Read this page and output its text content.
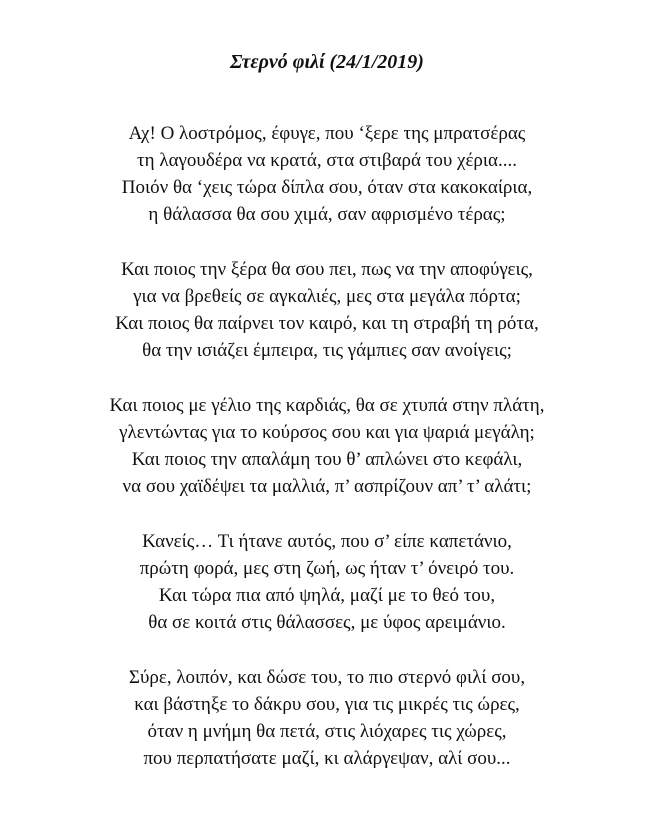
Στερνό φιλί (24/1/2019)
Αχ! Ο λοστρόμος, έφυγε, που ‘ξερε της μπρατσέρας
τη λαγουδέρα να κρατά, στα στιβαρά του χέρια....
Ποιόν θα ‘χεις τώρα δίπλα σου, όταν στα κακοκαίρια,
η θάλασσα θα σου χιμά, σαν αφρισμένο τέρας;
Και ποιος την ξέρα θα σου πει, πως να την αποφύγεις,
για να βρεθείς σε αγκαλιές, μες στα μεγάλα πόρτα;
Και ποιος θα παίρνει τον καιρό, και τη στραβή τη ρότα,
θα την ισιάζει έμπειρα, τις γάμπιες σαν ανοίγεις;
Και ποιος με γέλιο της καρδιάς, θα σε χτυπά στην πλάτη,
γλεντώντας για το κούρσος σου και για ψαριά μεγάλη;
Και ποιος την απαλάμη του θ’ απλώνει στο κεφάλι,
να σου χαϊδέψει τα μαλλιά, π’ ασπρίζουν απ’ τ’ αλάτι;
Κανείς… Τι ήτανε αυτός, που σ’ είπε καπετάνιο,
πρώτη φορά, μες στη ζωή, ως ήταν τ’ όνειρό του.
Και τώρα πια από ψηλά, μαζί με το θεό του,
θα σε κοιτά στις θάλασσες, με ύφος αρειμάνιο.
Σύρε, λοιπόν, και δώσε του, το πιο στερνό φιλί σου,
και βάστηξε το δάκρυ σου, για τις μικρές τις ώρες,
όταν η μνήμη θα πετά, στις λιόχαρες τις χώρες,
που περπατήσατε μαζί, κι αλάργεψαν, αλί σου...
